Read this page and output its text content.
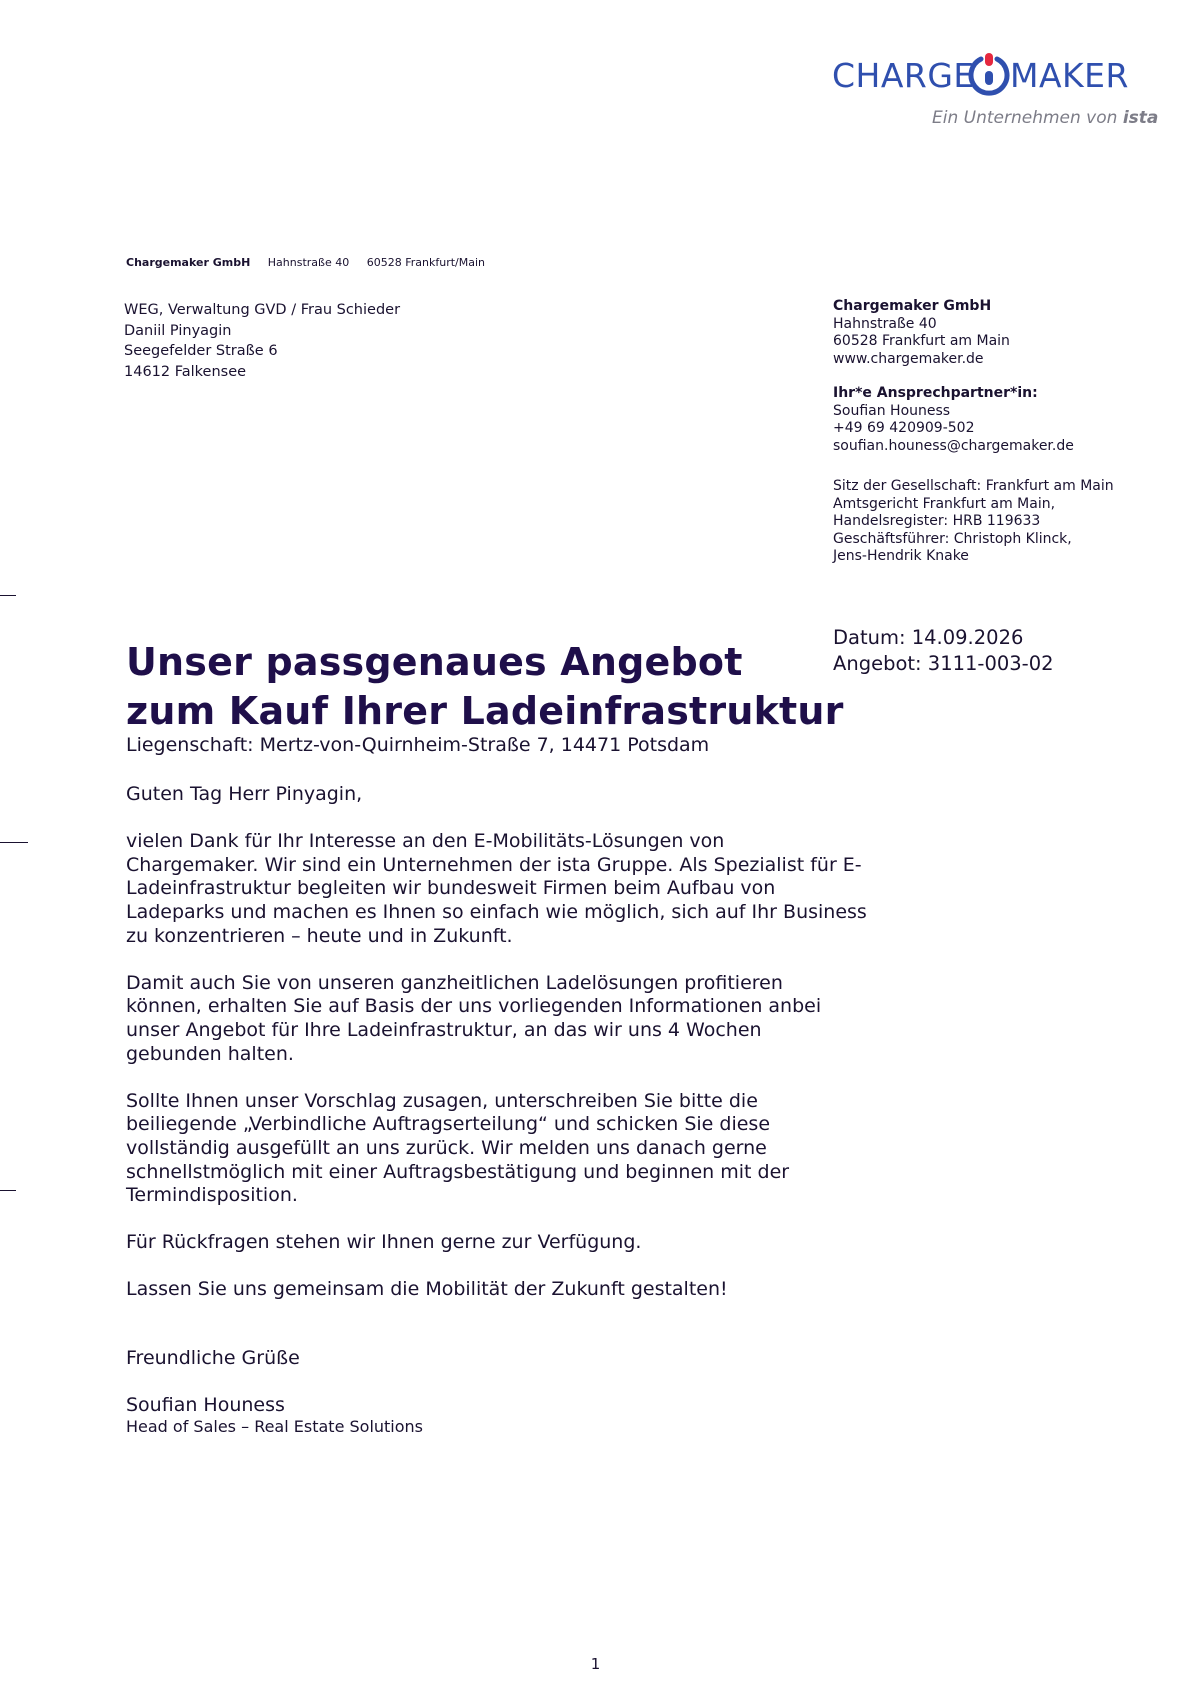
CHARGE MAKER
Ein Unternehmen von ista
Chargemaker GmbH Hahnstraße 40 60528 Frankfurt/Main
WEG, Verwaltung GVD / Frau Schieder
Daniil Pinyagin
Seegefelder Straße 6
14612 Falkensee
Chargemaker GmbH
Hahnstraße 40
60528 Frankfurt am Main
www.chargemaker.de
Ihr*e Ansprechpartner*in:
Soufian Houness
+49 69 420909-502
soufian.houness@chargemaker.de
Sitz der Gesellschaft: Frankfurt am Main
Amtsgericht Frankfurt am Main,
Handelsregister: HRB 119633
Geschäftsführer: Christoph Klinck,
Jens-Hendrik Knake
Datum: 14.09.2026
Angebot: 3111-003-02
Unser passgenaues Angebot
zum Kauf Ihrer Ladeinfrastruktur
Liegenschaft: Mertz-von-Quirnheim-Straße 7, 14471 Potsdam

Guten Tag Herr Pinyagin,

vielen Dank für Ihr Interesse an den E-Mobilitäts-Lösungen von
Chargemaker. Wir sind ein Unternehmen der ista Gruppe. Als Spezialist für E-
Ladeinfrastruktur begleiten wir bundesweit Firmen beim Aufbau von
Ladeparks und machen es Ihnen so einfach wie möglich, sich auf Ihr Business
zu konzentrieren – heute und in Zukunft.

Damit auch Sie von unseren ganzheitlichen Ladelösungen profitieren
können, erhalten Sie auf Basis der uns vorliegenden Informationen anbei
unser Angebot für Ihre Ladeinfrastruktur, an das wir uns 4 Wochen
gebunden halten.

Sollte Ihnen unser Vorschlag zusagen, unterschreiben Sie bitte die
beiliegende „Verbindliche Auftragserteilung“ und schicken Sie diese
vollständig ausgefüllt an uns zurück. Wir melden uns danach gerne
schnellstmöglich mit einer Auftragsbestätigung und beginnen mit der
Termindisposition.

Für Rückfragen stehen wir Ihnen gerne zur Verfügung.

Lassen Sie uns gemeinsam die Mobilität der Zukunft gestalten!

Freundliche Grüße
Soufian Houness
Head of Sales – Real Estate Solutions
1
